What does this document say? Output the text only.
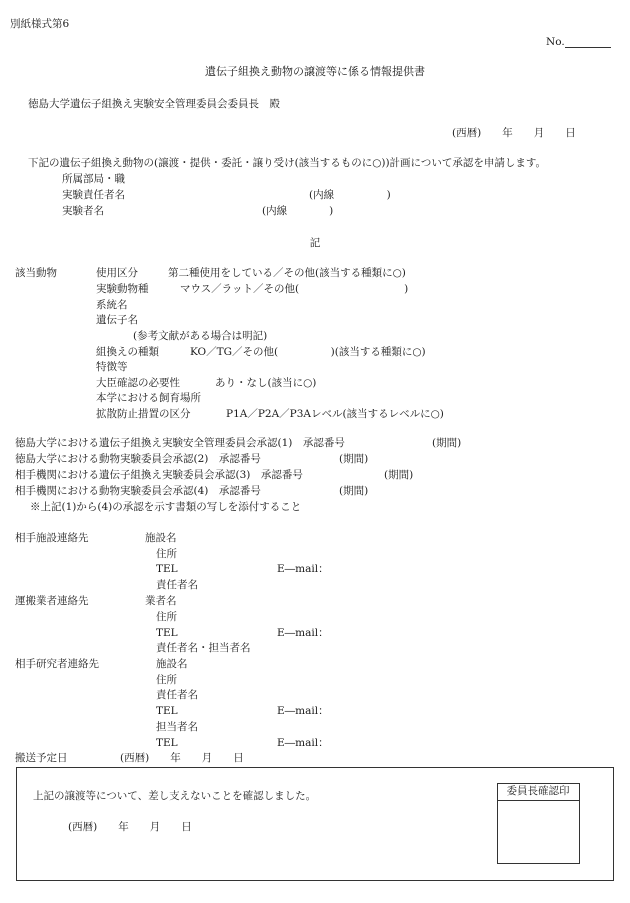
別紙様式第6
No.
遺伝子組換え動物の譲渡等に係る情報提供書
徳島大学遺伝子組換え実験安全管理委員会委員長　殿
(西暦)　　年　　月　　日
下記の遺伝子組換え動物の(譲渡・提供・委託・譲り受け(該当するものに○))計画について承認を申請します。
所属部局・職
実験責任者名	(内線　　　　　)
実験者名	(内線　　　　)
記
該当動物	使用区分	第二種使用をしている／その他(該当する種類に○)
実験動物種	マウス／ラット／その他(　　　　　　　　　　)
系統名
遺伝子名
(参考文献がある場合は明記)
組換えの種類	KO／TG／その他(　　　　　)(該当する種類に○)
特徴等
大臣確認の必要性	あり・なし(該当に○)
本学における飼育場所
拡散防止措置の区分	P1A／P2A／P3Aレベル(該当するレベルに○)
徳島大学における遺伝子組換え実験安全管理委員会承認(1)　承認番号	(期間)
徳島大学における動物実験委員会承認(2)　承認番号	(期間)
相手機関における遺伝子組換え実験委員会承認(3)　承認番号	(期間)
相手機関における動物実験委員会承認(4)　承認番号	(期間)
※上記(1)から(4)の承認を示す書類の写しを添付すること
相手施設連絡先	施設名
住所
TEL	E―mail：
責任者名
運搬業者連絡先	業者名
住所
TEL	E―mail：
責任者名・担当者名
相手研究者連絡先	施設名
住所
責任者名
TEL	E―mail：
担当者名
TEL	E―mail：
搬送予定日	(西暦)　　年　　月　　日
上記の譲渡等について、差し支えないことを確認しました。
(西暦)　　年　　月　　日
委員長確認印
